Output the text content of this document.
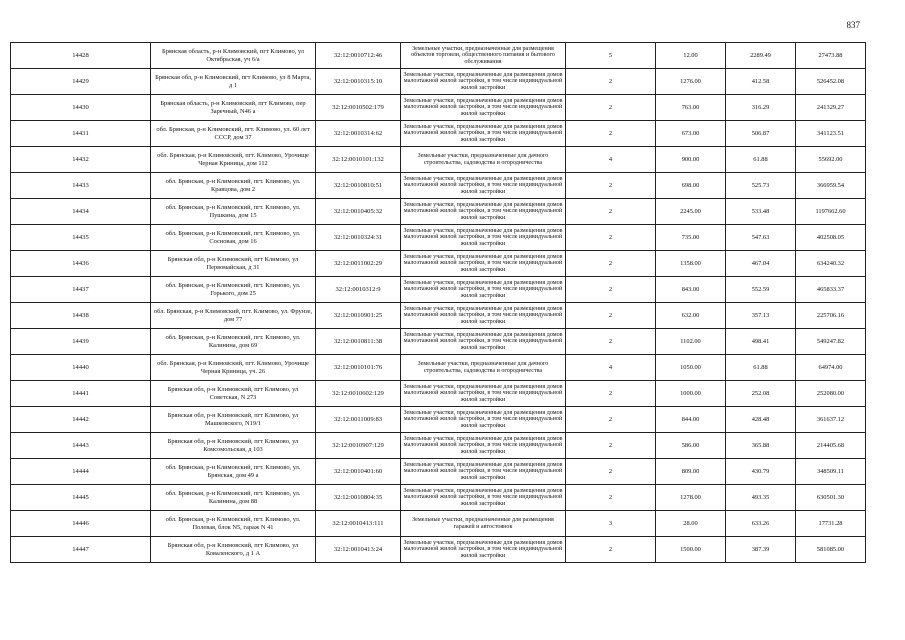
837
14428	Брянская область, р-н Климовский, пгт Климово, ул Октябрьская, уч 6/а	32:12:0010712:46	Земельные участки, предназначенные для размещения объектов торговли, общественного питания и бытового обслуживания	5	12.00	2289.49	27473.88
14429	Брянская обл, р-н Климовский, пгт Климово, ул 8 Марта, д 1	32:12:0010315:10	Земельные участки, предназначенные для размещения домов малоэтажной жилой застройки, в том числе индивидуальной жилой застройки	2	1276.00	412.58	526452.08
14430	Брянская область, р-н Климовский, пгт Климово, пер Заречный, N46 а	32:12:0010502:179	Земельные участки, предназначенные для размещения домов малоэтажной жилой застройки, в том числе индивидуальной жилой застройки	2	763.00	316.29	241329.27
14431	обл. Брянская, р-н Климовский, пгт. Климово, ул. 60 лет СССР, дом 37	32:12:0010314:62	Земельные участки, предназначенные для размещения домов малоэтажной жилой застройки, в том числе индивидуальной жилой застройки	2	673.00	506.87	341123.51
14432	обл. Брянская, р-н Климовский, пгт. Климово, Урочище Черная Криница, дом 112	32:12:0010101:132	Земельные участки, предназначенные для дачного строительства, садоводства и огородничества	4	900.00	61.88	55692.00
14433	обл. Брянская, р-н Климовский, пгт. Климово, ул. Кравцова, дом 2	32:12:0010810:51	Земельные участки, предназначенные для размещения домов малоэтажной жилой застройки, в том числе индивидуальной жилой застройки	2	698.00	525.73	366959.54
14434	обл. Брянская, р-н Климовский, пгт. Климово, ул. Пушкина, дом 15	32:12:0010405:32	Земельные участки, предназначенные для размещения домов малоэтажной жилой застройки, в том числе индивидуальной жилой застройки	2	2245.00	533.48	1197662.60
14435	обл. Брянская, р-н Климовский, пгт. Климово, ул. Сосновая, дом 16	32:12:0010324:31	Земельные участки, предназначенные для размещения домов малоэтажной жилой застройки, в том числе индивидуальной жилой застройки	2	735.00	547.63	402508.05
14436	Брянская обл, р-н Климовский, пгт Климово, ул Первомайская, д 31	32:12:0011002:29	Земельные участки, предназначенные для размещения домов малоэтажной жилой застройки, в том числе индивидуальной жилой застройки	2	1358.00	467.04	634240.32
14437	обл. Брянская, р-н Климовский, пгт. Климово, ул. Горького, дом 25	32:12:0010312:9	Земельные участки, предназначенные для размещения домов малоэтажной жилой застройки, в том числе индивидуальной жилой застройки	2	843.00	552.59	465833.37
14438	обл. Брянская, р-н Климовский, пгт. Климово, ул. Фрунзе, дом 77	32:12:0010901:25	Земельные участки, предназначенные для размещения домов малоэтажной жилой застройки, в том числе индивидуальной жилой застройки	2	632.00	357.13	225706.16
14439	обл. Брянская, р-н Климовский, пгт. Климово, ул. Калинина, дом 69	32:12:0010811:38	Земельные участки, предназначенные для размещения домов малоэтажной жилой застройки, в том числе индивидуальной жилой застройки	2	1102.00	498.41	549247.82
14440	обл. Брянская, р-н Климовский, пгт. Климово, Урочище Черная Криница, уч. 26	32:12:0010101:76	Земельные участки, предназначенные для дачного строительства, садоводства и огородничества	4	1050.00	61.88	64974.00
14441	Брянская обл, р-н Климовский, пгт Климово, ул Советская, N 273	32:12:0010602:129	Земельные участки, предназначенные для размещения домов малоэтажной жилой застройки, в том числе индивидуальной жилой застройки	2	1000.00	252.08	252080.00
14442	Брянская обл, р-н Климовский, пгт Климово, ул Машковского, N19/1	32:12:0011009:83	Земельные участки, предназначенные для размещения домов малоэтажной жилой застройки, в том числе индивидуальной жилой застройки	2	844.00	428.48	361637.12
14443	Брянская обл, р-н Климовский, пгт Климово, ул Комсомольская, д 103	32:12:0010907:129	Земельные участки, предназначенные для размещения домов малоэтажной жилой застройки, в том числе индивидуальной жилой застройки	2	586.00	365.88	214405.68
14444	обл. Брянская, р-н Климовский, пгт. Климово, ул. Брянская, дом 49 а	32:12:0010401:60	Земельные участки, предназначенные для размещения домов малоэтажной жилой застройки, в том числе индивидуальной жилой застройки	2	809.00	430.79	348509.11
14445	обл. Брянская, р-н Климовский, пгт. Климово, ул. Калинина, дом 88	32:12:0010804:35	Земельные участки, предназначенные для размещения домов малоэтажной жилой застройки, в том числе индивидуальной жилой застройки	2	1278.00	493.35	630501.30
14446	обл. Брянская, р-н Климовский, пгт. Климово, ул. Полевая, блок N5, гараж N 41	32:12:0010413:111	Земельные участки, предназначенные для размещения гаражей и автостоянок	3	28.00	633.26	17731.28
14447	Брянская обл, р-н Климовский, пгт Климово, ул Коваленского, д 1 А	32:12:0010413:24	Земельные участки, предназначенные для размещения домов малоэтажной жилой застройки, в том числе индивидуальной жилой застройки	2	1500.00	387.39	581085.00
